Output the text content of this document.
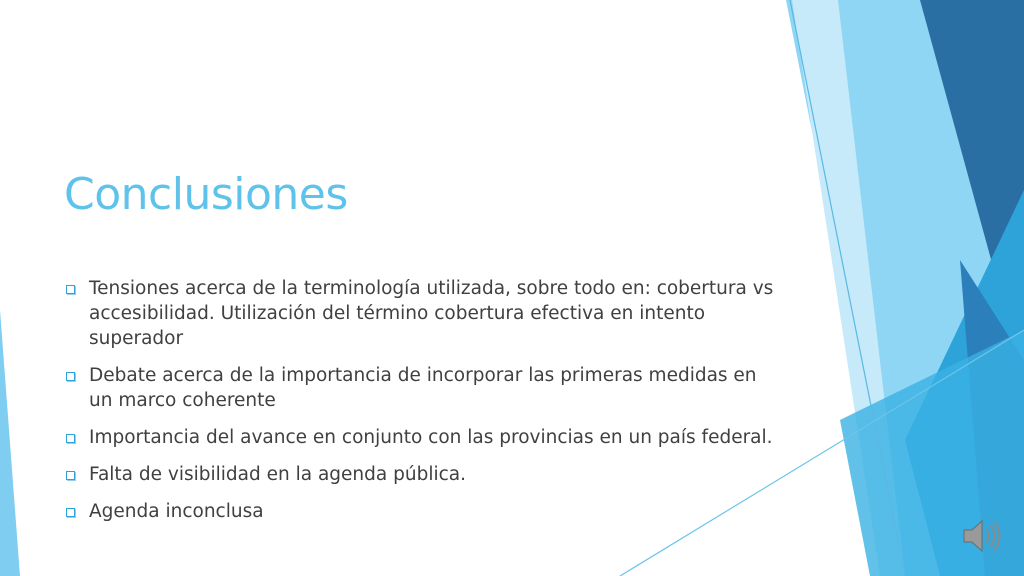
Conclusiones
Tensiones acerca de la terminología utilizada, sobre todo en: cobertura vs accesibilidad. Utilización del término cobertura efectiva en intento superador
Debate acerca de la importancia de incorporar las primeras medidas en un marco coherente
Importancia del avance en conjunto con las provincias en un país federal.
Falta de visibilidad en la agenda pública.
Agenda inconclusa
